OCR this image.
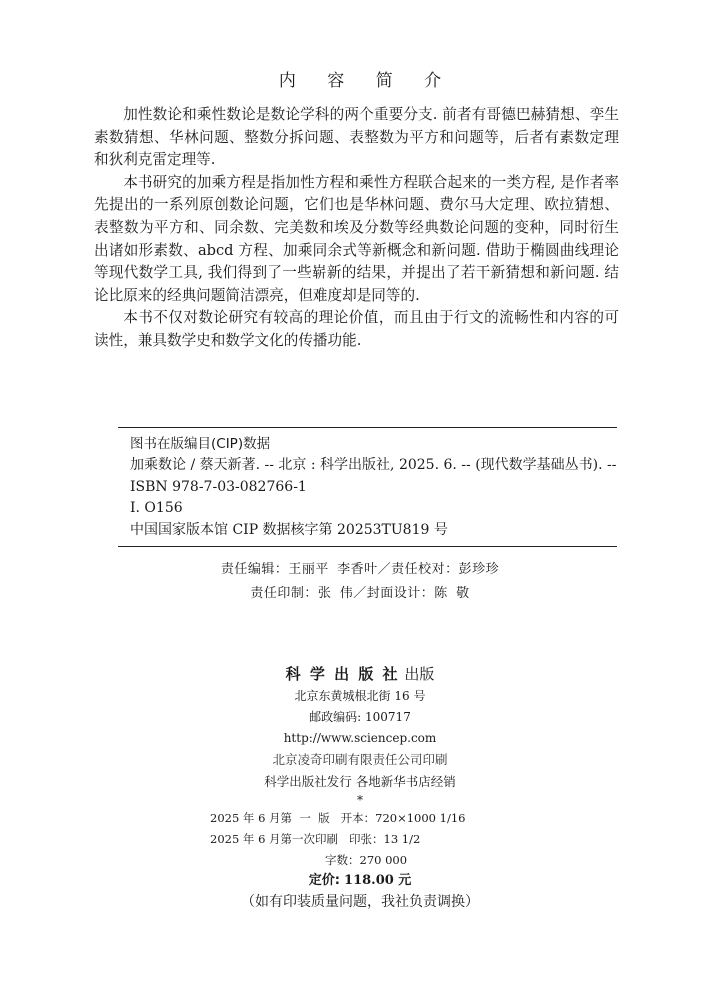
内 容 简 介

加性数论和乘性数论是数论学科的两个重要分支. 前者有哥德巴赫猜想、孪生素数猜想、华林问题、整数分拆问题、表整数为平方和问题等，后者有素数定理和狄利克雷定理等.

本书研究的加乘方程是指加性方程和乘性方程联合起来的一类方程, 是作者率先提出的一系列原创数论问题，它们也是华林问题、费尔马大定理、欧拉猜想、表整数为平方和、同余数、完美数和埃及分数等经典数论问题的变种，同时衍生出诸如形素数、abcd 方程、加乘同余式等新概念和新问题. 借助于椭圆曲线理论等现代数学工具, 我们得到了一些崭新的结果，并提出了若干新猜想和新问题. 结论比原来的经典问题简洁漂亮，但难度却是同等的.

本书不仅对数论研究有较高的理论价值，而且由于行文的流畅性和内容的可读性，兼具数学史和数学文化的传播功能.

图书在版编目(CIP)数据
加乘数论 / 蔡天新著. -- 北京 : 科学出版社, 2025. 6. -- (现代数学基础丛书). -- ISBN 978-7-03-082766-1
Ⅰ. O156
中国国家版本馆 CIP 数据核字第 20253TU819 号
责任编辑：王丽平 李香叶／责任校对：彭珍珍
责任印制：张 伟／封面设计：陈 敬
科 学 出 版 社 出版
北京东黄城根北街 16 号
邮政编码: 100717
http://www.sciencep.com
北京凌奇印刷有限责任公司印刷
科学出版社发行 各地新华书店经销
*
2025 年 6 月第  一  版   开本：720×1000 1/16
2025 年 6 月第一次印刷   印张：13 1/2
字数：270 000
定价: 118.00 元
（如有印装质量问题，我社负责调换）
